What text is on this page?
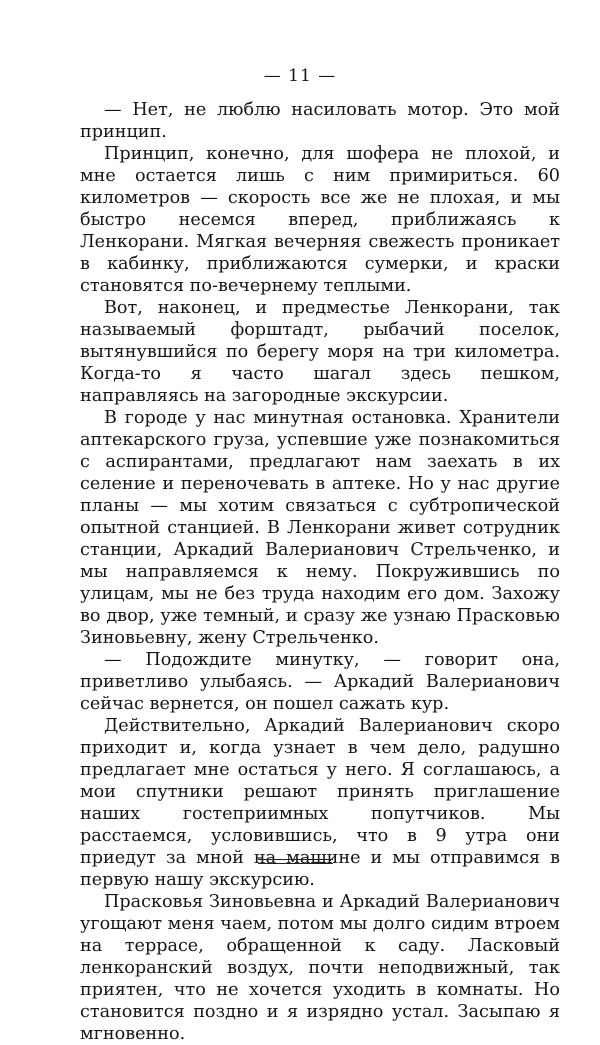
— 11 —

— Нет, не люблю насиловать мотор. Это мой принцип.

Принцип, конечно, для шофера не плохой, и мне остается лишь с ним примириться. 60 километров — скорость все же не плохая, и мы быстро несемся вперед, приближаясь к Ленкорани. Мягкая вечерняя свежесть проникает в кабинку, приближаются сумерки, и краски становятся по-вечернему теплыми.

Вот, наконец, и предместье Ленкорани, так называемый форштадт, рыбачий поселок, вытянувшийся по берегу моря на три километра. Когда-то я часто шагал здесь пешком, направляясь на загородные экскурсии.

В городе у нас минутная остановка. Хранители аптекарского груза, успевшие уже познакомиться с аспирантами, предлагают нам заехать в их селение и переночевать в аптеке. Но у нас другие планы — мы хотим связаться с субтропической опытной станцией. В Ленкорани живет сотрудник станции, Аркадий Валерианович Стрельченко, и мы направляемся к нему. Покружившись по улицам, мы не без труда находим его дом. Захожу во двор, уже темный, и сразу же узнаю Прасковью Зиновьевну, жену Стрельченко.

— Подождите минутку, — говорит она, приветливо улыбаясь. — Аркадий Валерианович сейчас вернется, он пошел сажать кур.

Действительно, Аркадий Валерианович скоро приходит и, когда узнает в чем дело, радушно предлагает мне остаться у него. Я соглашаюсь, а мои спутники решают принять приглашение наших гостеприимных попутчиков. Мы расстаемся, условившись, что в 9 утра они приедут за мной на машине и мы отправимся в первую нашу экскурсию.

Прасковья Зиновьевна и Аркадий Валерианович угощают меня чаем, потом мы долго сидим втроем на террасе, обращенной к саду. Ласковый ленкоранский воздух, почти неподвижный, так приятен, что не хочется уходить в комнаты. Но становится поздно и я изрядно устал. Засыпаю я мгновенно.
